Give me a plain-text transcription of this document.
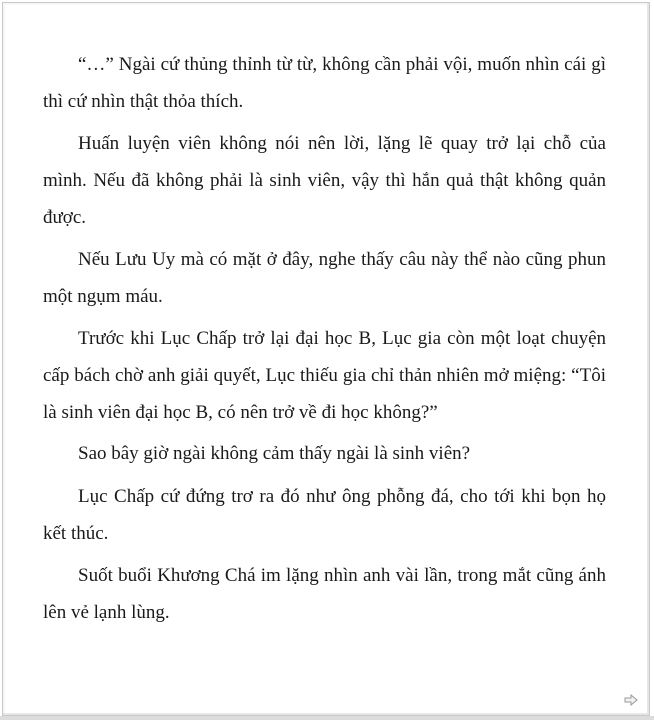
“…” Ngài cứ thủng thỉnh từ từ, không cần phải vội, muốn nhìn cái gì thì cứ nhìn thật thỏa thích.

Huấn luyện viên không nói nên lời, lặng lẽ quay trở lại chỗ của mình. Nếu đã không phải là sinh viên, vậy thì hắn quả thật không quản được.

Nếu Lưu Uy mà có mặt ở đây, nghe thấy câu này thể nào cũng phun một ngụm máu.

Trước khi Lục Chấp trở lại đại học B, Lục gia còn một loạt chuyện cấp bách chờ anh giải quyết, Lục thiếu gia chỉ thản nhiên mở miệng: “Tôi là sinh viên đại học B, có nên trở về đi học không?”

Sao bây giờ ngài không cảm thấy ngài là sinh viên?

Lục Chấp cứ đứng trơ ra đó như ông phỗng đá, cho tới khi bọn họ kết thúc.

Suốt buổi Khương Chá im lặng nhìn anh vài lần, trong mắt cũng ánh lên vẻ lạnh lùng.
